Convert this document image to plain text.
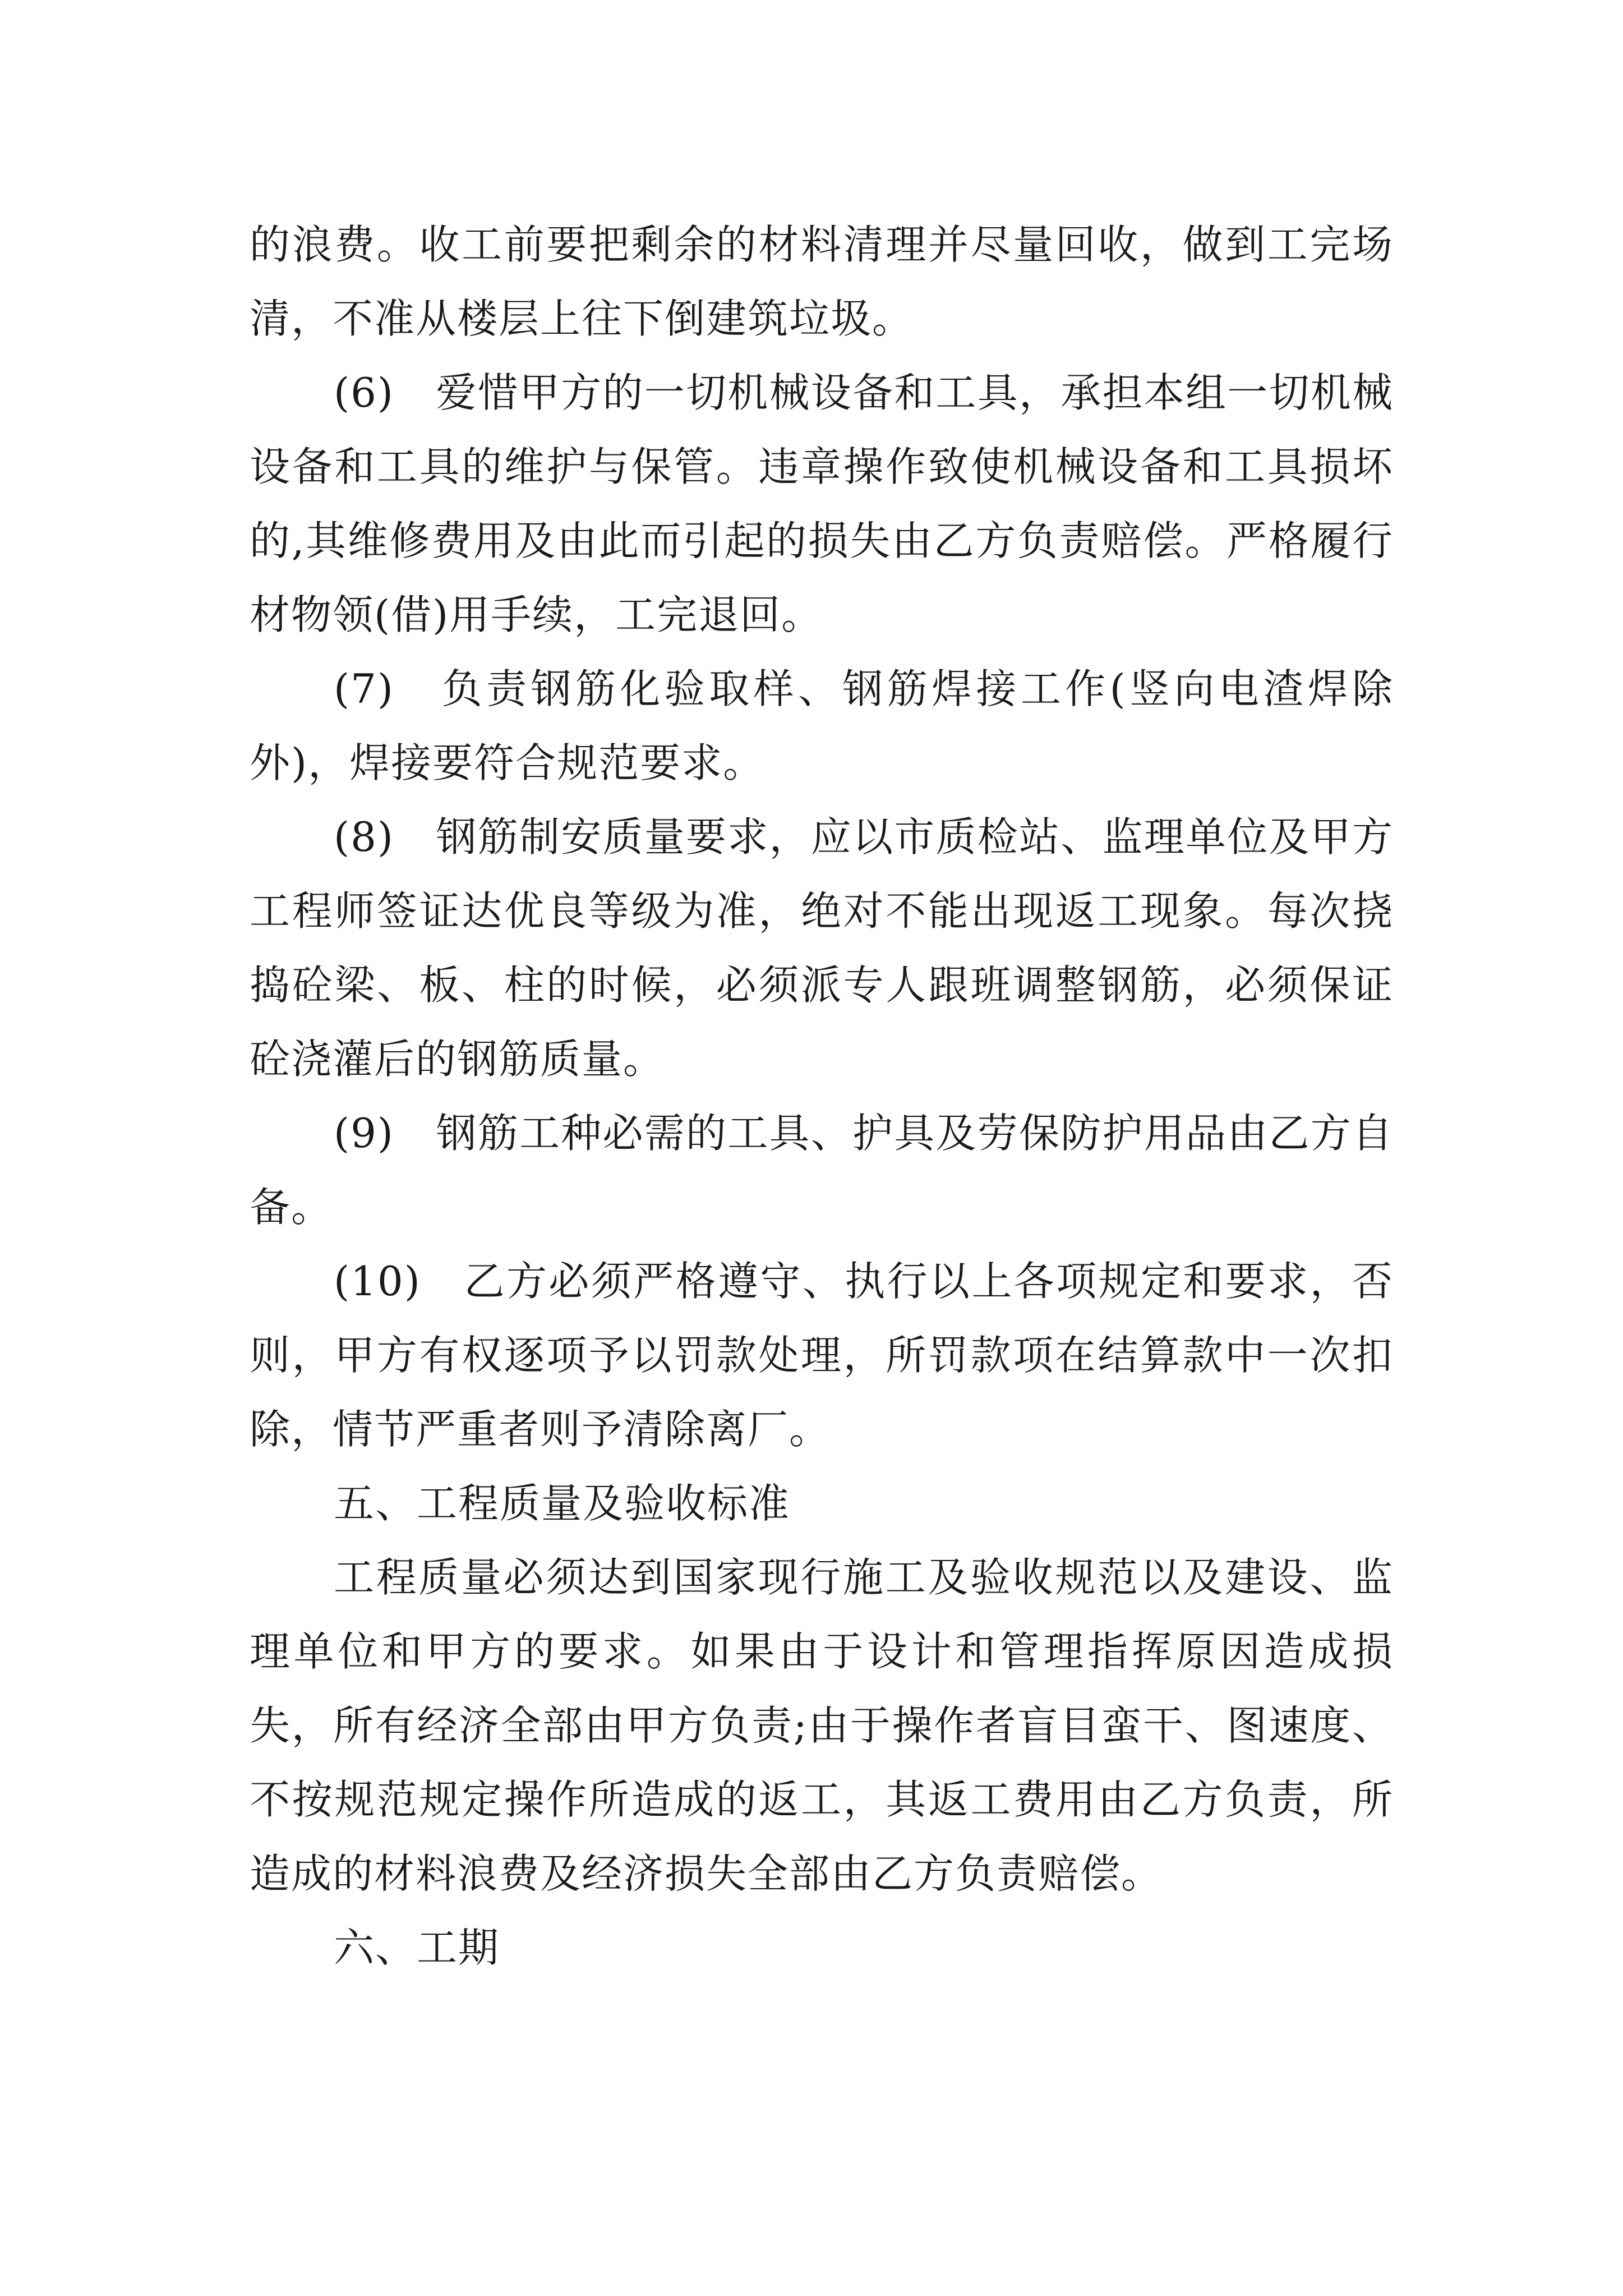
的浪费。收工前要把剩余的材料清理并尽量回收，做到工完场清，不准从楼层上往下倒建筑垃圾。

(6)　爱惜甲方的一切机械设备和工具，承担本组一切机械设备和工具的维护与保管。违章操作致使机械设备和工具损坏的,其维修费用及由此而引起的损失由乙方负责赔偿。严格履行材物领(借)用手续，工完退回。

(7)　负责钢筋化验取样、钢筋焊接工作(竖向电渣焊除外)，焊接要符合规范要求。

(8)　钢筋制安质量要求，应以市质检站、监理单位及甲方工程师签证达优良等级为准，绝对不能出现返工现象。每次挠捣砼梁、板、柱的时候，必须派专人跟班调整钢筋，必须保证砼浇灌后的钢筋质量。

(9)　钢筋工种必需的工具、护具及劳保防护用品由乙方自备。

(10)　乙方必须严格遵守、执行以上各项规定和要求，否则，甲方有权逐项予以罚款处理，所罚款项在结算款中一次扣除，情节严重者则予清除离厂。

五、工程质量及验收标准

工程质量必须达到国家现行施工及验收规范以及建设、监理单位和甲方的要求。如果由于设计和管理指挥原因造成损失，所有经济全部由甲方负责;由于操作者盲目蛮干、图速度、不按规范规定操作所造成的返工，其返工费用由乙方负责，所造成的材料浪费及经济损失全部由乙方负责赔偿。

六、工期
